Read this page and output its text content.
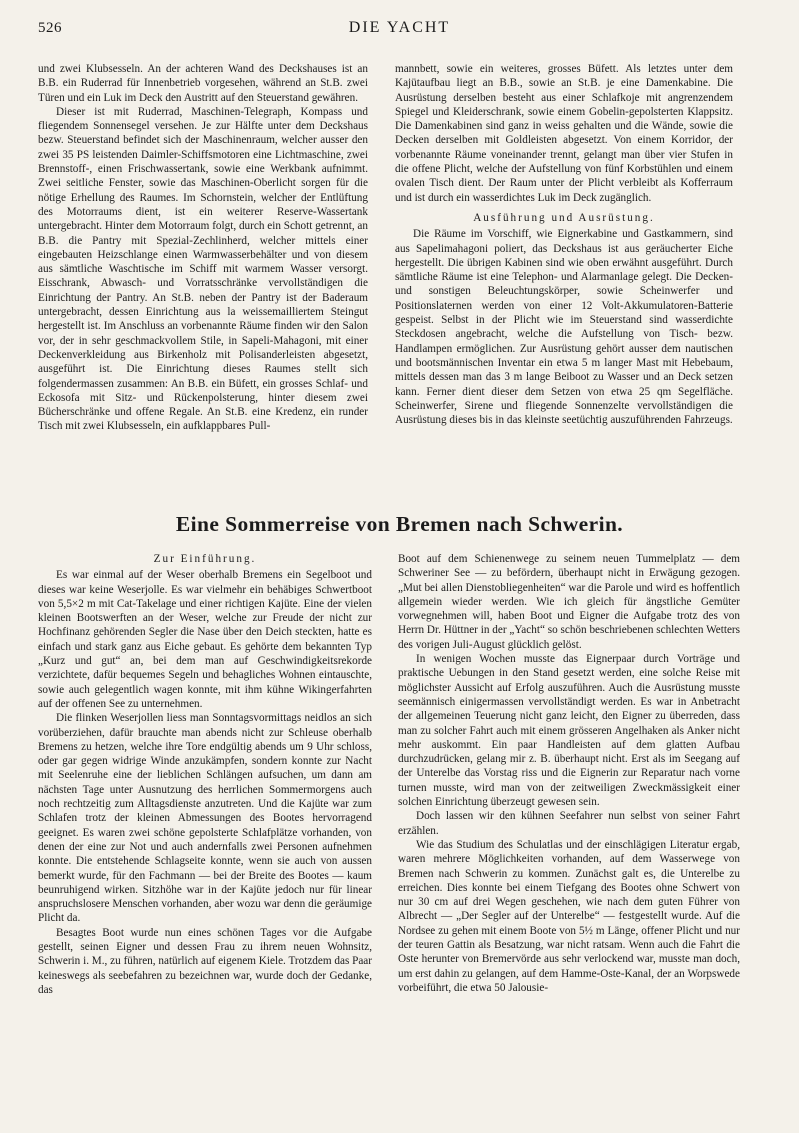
526	DIE YACHT

und zwei Klubsesseln. An der achteren Wand des Deckshauses ist an B.B. ein Ruderrad für Innenbetrieb vorgesehen, während an St.B. zwei Türen und ein Luk im Deck den Austritt auf den Steuerstand gewähren.

Dieser ist mit Ruderrad, Maschinen-Telegraph, Kompass und fliegendem Sonnensegel versehen. Je zur Hälfte unter dem Deckshaus bezw. Steuerstand befindet sich der Maschinenraum, welcher ausser den zwei 35 PS leistenden Daimler-Schiffsmotoren eine Lichtmaschine, zwei Brennstoff-, einen Frischwassertank, sowie eine Werkbank aufnimmt. Zwei seitliche Fenster, sowie das Maschinen-Oberlicht sorgen für die nötige Erhellung des Raumes. Im Schornstein, welcher der Entlüftung des Motorraums dient, ist ein weiterer Reserve-Wassertank untergebracht. Hinter dem Motorraum folgt, durch ein Schott getrennt, an B.B. die Pantry mit Spezial-Zechlinherd, welcher mittels einer eingebauten Heizschlange einen Warmwasserbehälter und von diesem aus sämtliche Waschtische im Schiff mit warmem Wasser versorgt. Eisschrank, Abwasch- und Vorratsschränke vervollständigen die Einrichtung der Pantry. An St.B. neben der Pantry ist der Baderaum untergebracht, dessen Einrichtung aus la weissemailliertem Steingut hergestellt ist. Im Anschluss an vorbenannte Räume finden wir den Salon vor, der in sehr geschmackvollem Stile, in Sapeli-Mahagoni, mit einer Deckenverkleidung aus Birkenholz mit Polisanderleisten abgesetzt, ausgeführt ist. Die Einrichtung dieses Raumes stellt sich folgendermassen zusammen: An B.B. ein Büfett, ein grosses Schlaf- und Eckosofa mit Sitz- und Rückenpolsterung, hinter diesem zwei Bücherschränke und offene Regale. An St.B. eine Kredenz, ein runder Tisch mit zwei Klubsesseln, ein aufklappbares Pull-

mannbett, sowie ein weiteres, grosses Büfett. Als letztes unter dem Kajütaufbau liegt an B.B., sowie an St.B. je eine Damenkabine. Die Ausrüstung derselben besteht aus einer Schlafkoje mit angrenzendem Spiegel und Kleiderschrank, sowie einem Gobelin-gepolsterten Klappsitz. Die Damenkabinen sind ganz in weiss gehalten und die Wände, sowie die Decken derselben mit Goldleisten abgesetzt. Von einem Korridor, der vorbenannte Räume voneinander trennt, gelangt man über vier Stufen in die offene Plicht, welche der Aufstellung von fünf Korbstühlen und einem ovalen Tisch dient. Der Raum unter der Plicht verbleibt als Kofferraum und ist durch ein wasserdichtes Luk im Deck zugänglich.

Ausführung und Ausrüstung.

Die Räume im Vorschiff, wie Eignerkabine und Gastkammern, sind aus Sapelimahagoni poliert, das Deckshaus ist aus geräucherter Eiche hergestellt. Die übrigen Kabinen sind wie oben erwähnt ausgeführt. Durch sämtliche Räume ist eine Telephon- und Alarmanlage gelegt. Die Decken- und sonstigen Beleuchtungskörper, sowie Scheinwerfer und Positionslaternen werden von einer 12 Volt-Akkumulatoren-Batterie gespeist. Selbst in der Plicht wie im Steuerstand sind wasserdichte Steckdosen angebracht, welche die Aufstellung von Tisch- bezw. Handlampen ermöglichen. Zur Ausrüstung gehört ausser dem nautischen und bootsmännischen Inventar ein etwa 5 m langer Mast mit Hebebaum, mittels dessen man das 3 m lange Beiboot zu Wasser und an Deck setzen kann. Ferner dient dieser dem Setzen von etwa 25 qm Segelfläche. Scheinwerfer, Sirene und fliegende Sonnenzelte vervollständigen die Ausrüstung dieses bis in das kleinste seetüchtig auszuführenden Fahrzeugs.

Eine Sommerreise von Bremen nach Schwerin.
Zur Einführung.

Es war einmal auf der Weser oberhalb Bremens ein Segelboot und dieses war keine Weserjolle. Es war vielmehr ein behäbiges Schwertboot von 5,5×2 m mit Cat-Takelage und einer richtigen Kajüte. Eine der vielen kleinen Bootswerften an der Weser, welche zur Freude der nicht zur Hochfinanz gehörenden Segler die Nase über den Deich steckten, hatte es einfach und stark ganz aus Eiche gebaut. Es gehörte dem bekannten Typ „Kurz und gut“ an, bei dem man auf Geschwindigkeitsrekorde verzichtete, dafür bequemes Segeln und behagliches Wohnen eintauschte, sowie auch gelegentlich wagen konnte, mit ihm kühne Wikingerfahrten auf der offenen See zu unternehmen.

Die flinken Weserjollen liess man Sonntagsvormittags neidlos an sich vorüberziehen, dafür brauchte man abends nicht zur Schleuse oberhalb Bremens zu hetzen, welche ihre Tore endgültig abends um 9 Uhr schloss, oder gar gegen widrige Winde anzukämpfen, sondern konnte zur Nacht mit Seelenruhe eine der lieblichen Schlängen aufsuchen, um dann am nächsten Tage unter Ausnutzung des herrlichen Sommermorgens auch noch rechtzeitig zum Alltagsdienste anzutreten. Und die Kajüte war zum Schlafen trotz der kleinen Abmessungen des Bootes hervorragend geeignet. Es waren zwei schöne gepolsterte Schlafplätze vorhanden, von denen der eine zur Not und auch andernfalls zwei Personen aufnehmen konnte. Die entstehende Schlagseite konnte, wenn sie auch von aussen bemerkt wurde, für den Fachmann — bei der Breite des Bootes — kaum beunruhigend wirken. Sitzhöhe war in der Kajüte jedoch nur für linear anspruchslosere Menschen vorhanden, aber wozu war denn die geräumige Plicht da.

Besagtes Boot wurde nun eines schönen Tages vor die Aufgabe gestellt, seinen Eigner und dessen Frau zu ihrem neuen Wohnsitz, Schwerin i. M., zu führen, natürlich auf eigenem Kiele. Trotzdem das Paar keineswegs als seebefahren zu bezeichnen war, wurde doch der Gedanke, das

Boot auf dem Schienenwege zu seinem neuen Tummelplatz — dem Schweriner See — zu befördern, überhaupt nicht in Erwägung gezogen. „Mut bei allen Dienstobliegenheiten“ war die Parole und wird es hoffentlich allgemein wieder werden. Wie ich gleich für ängstliche Gemüter vorwegnehmen will, haben Boot und Eigner die Aufgabe trotz des von Herrn Dr. Hüttner in der „Yacht“ so schön beschriebenen schlechten Wetters des vorigen Juli-August glücklich gelöst.

In wenigen Wochen musste das Eignerpaar durch Vorträge und praktische Uebungen in den Stand gesetzt werden, eine solche Reise mit möglichster Aussicht auf Erfolg auszuführen. Auch die Ausrüstung musste seemännisch einigermassen vervollständigt werden. Es war in Anbetracht der allgemeinen Teuerung nicht ganz leicht, den Eigner zu überreden, dass man zu solcher Fahrt auch mit einem grösseren Angelhaken als Anker nicht mehr auskommt. Ein paar Handleisten auf dem glatten Aufbau durchzudrücken, gelang mir z. B. überhaupt nicht. Erst als im Seegang auf der Unterelbe das Vorstag riss und die Eignerin zur Reparatur nach vorne turnen musste, wird man von der zeitweiligen Zweckmässigkeit einer solchen Einrichtung überzeugt gewesen sein.

Doch lassen wir den kühnen Seefahrer nun selbst von seiner Fahrt erzählen.

Wie das Studium des Schulatlas und der einschlägigen Literatur ergab, waren mehrere Möglichkeiten vorhanden, auf dem Wasserwege von Bremen nach Schwerin zu kommen. Zunächst galt es, die Unterelbe zu erreichen. Dies konnte bei einem Tiefgang des Bootes ohne Schwert von nur 30 cm auf drei Wegen geschehen, wie nach dem guten Führer von Albrecht — „Der Segler auf der Unterelbe“ — festgestellt wurde. Auf die Nordsee zu gehen mit einem Boote von 5½ m Länge, offener Plicht und nur der teuren Gattin als Besatzung, war nicht ratsam. Wenn auch die Fahrt die Oste herunter von Bremervörde aus sehr verlockend war, musste man doch, um erst dahin zu gelangen, auf dem Hamme-Oste-Kanal, der an Worpswede vorbeiführt, die etwa 50 Jalousie-
